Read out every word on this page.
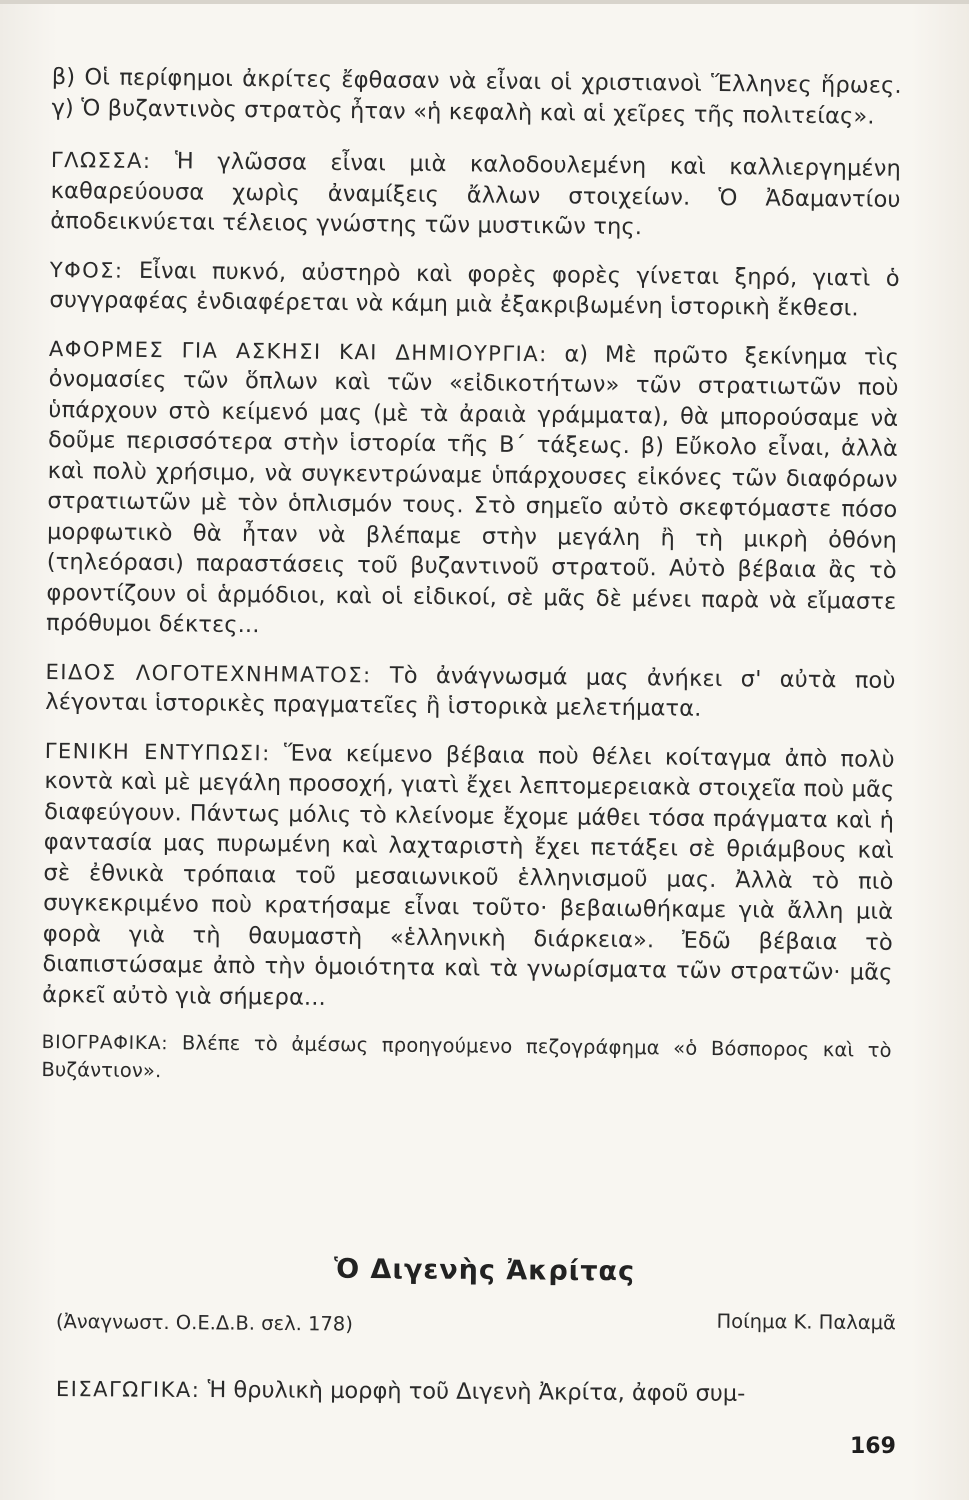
β) Οἱ περίφημοι ἀκρίτες ἔφθασαν νὰ εἶναι οἱ χριστιανοὶ Ἕλληνες ἥρωες. γ) Ὁ βυζαντινὸς στρατὸς ἦταν «ἡ κεφαλὴ καὶ αἱ χεῖρες τῆς πολιτείας».

ΓΛΩΣΣΑ: Ἡ γλῶσσα εἶναι μιὰ καλοδουλεμένη καὶ καλλιεργημένη καθαρεύουσα χωρὶς ἀναμίξεις ἄλλων στοιχείων. Ὁ Ἀδαμαντίου ἀποδεικνύεται τέλειος γνώστης τῶν μυστικῶν της.

ΥΦΟΣ: Εἶναι πυκνό, αὐστηρὸ καὶ φορὲς φορὲς γίνεται ξηρό, γιατὶ ὁ συγγραφέας ἐνδιαφέρεται νὰ κάμη μιὰ ἐξακριβωμένη ἱστορικὴ ἔκθεσι.

ΑΦΟΡΜΕΣ ΓΙΑ ΑΣΚΗΣΙ ΚΑΙ ΔΗΜΙΟΥΡΓΙΑ: α) Μὲ πρῶτο ξεκίνημα τὶς ὀνομασίες τῶν ὅπλων καὶ τῶν «εἰδικοτήτων» τῶν στρατιωτῶν ποὺ ὑπάρχουν στὸ κείμενό μας (μὲ τὰ ἀραιὰ γράμματα), θὰ μπορούσαμε νὰ δοῦμε περισσότερα στὴν ἱστορία τῆς Β´ τάξεως. β) Εὔκολο εἶναι, ἀλλὰ καὶ πολὺ χρήσιμο, νὰ συγκεντρώναμε ὑπάρχουσες εἰκόνες τῶν διαφόρων στρατιωτῶν μὲ τὸν ὁπλισμόν τους. Στὸ σημεῖο αὐτὸ σκεφτόμαστε πόσο μορφωτικὸ θὰ ἦταν νὰ βλέπαμε στὴν μεγάλη ἢ τὴ μικρὴ ὀθόνη (τηλεόρασι) παραστάσεις τοῦ βυζαντινοῦ στρατοῦ. Αὐτὸ βέβαια ἂς τὸ φροντίζουν οἱ ἁρμόδιοι, καὶ οἱ εἰδικοί, σὲ μᾶς δὲ μένει παρὰ νὰ εἴμαστε πρόθυμοι δέκτες...

ΕΙΔΟΣ ΛΟΓΟΤΕΧΝΗΜΑΤΟΣ: Τὸ ἀνάγνωσμά μας ἀνήκει σ' αὐτὰ ποὺ λέγονται ἱστορικὲς πραγματεῖες ἢ ἱστορικὰ μελετήματα.

ΓΕΝΙΚΗ ΕΝΤΥΠΩΣΙ: Ἕνα κείμενο βέβαια ποὺ θέλει κοίταγμα ἀπὸ πολὺ κοντὰ καὶ μὲ μεγάλη προσοχή, γιατὶ ἔχει λεπτομερειακὰ στοιχεῖα ποὺ μᾶς διαφεύγουν. Πάντως μόλις τὸ κλείνομε ἔχομε μάθει τόσα πράγματα καὶ ἡ φαντασία μας πυρωμένη καὶ λαχταριστὴ ἔχει πετάξει σὲ θριάμβους καὶ σὲ ἐθνικὰ τρόπαια τοῦ μεσαιωνικοῦ ἑλληνισμοῦ μας. Ἀλλὰ τὸ πιὸ συγκεκριμένο ποὺ κρατήσαμε εἶναι τοῦτο· βεβαιωθήκαμε γιὰ ἄλλη μιὰ φορὰ γιὰ τὴ θαυμαστὴ «ἑλληνικὴ διάρκεια». Ἐδῶ βέβαια τὸ διαπιστώσαμε ἀπὸ τὴν ὁμοιότητα καὶ τὰ γνωρίσματα τῶν στρατῶν· μᾶς ἀρκεῖ αὐτὸ γιὰ σήμερα...

ΒΙΟΓΡΑΦΙΚΑ: Βλέπε τὸ ἀμέσως προηγούμενο πεζογράφημα «ὁ Βόσπορος καὶ τὸ Βυζάντιον».

Ὁ Διγενὴς Ἀκρίτας
(Ἀναγνωστ. Ο.Ε.Δ.Β. σελ. 178)	Ποίημα Κ. Παλαμᾶ
ΕΙΣΑΓΩΓΙΚΑ: Ἡ θρυλικὴ μορφὴ τοῦ Διγενὴ Ἀκρίτα, ἀφοῦ συμ-
169
